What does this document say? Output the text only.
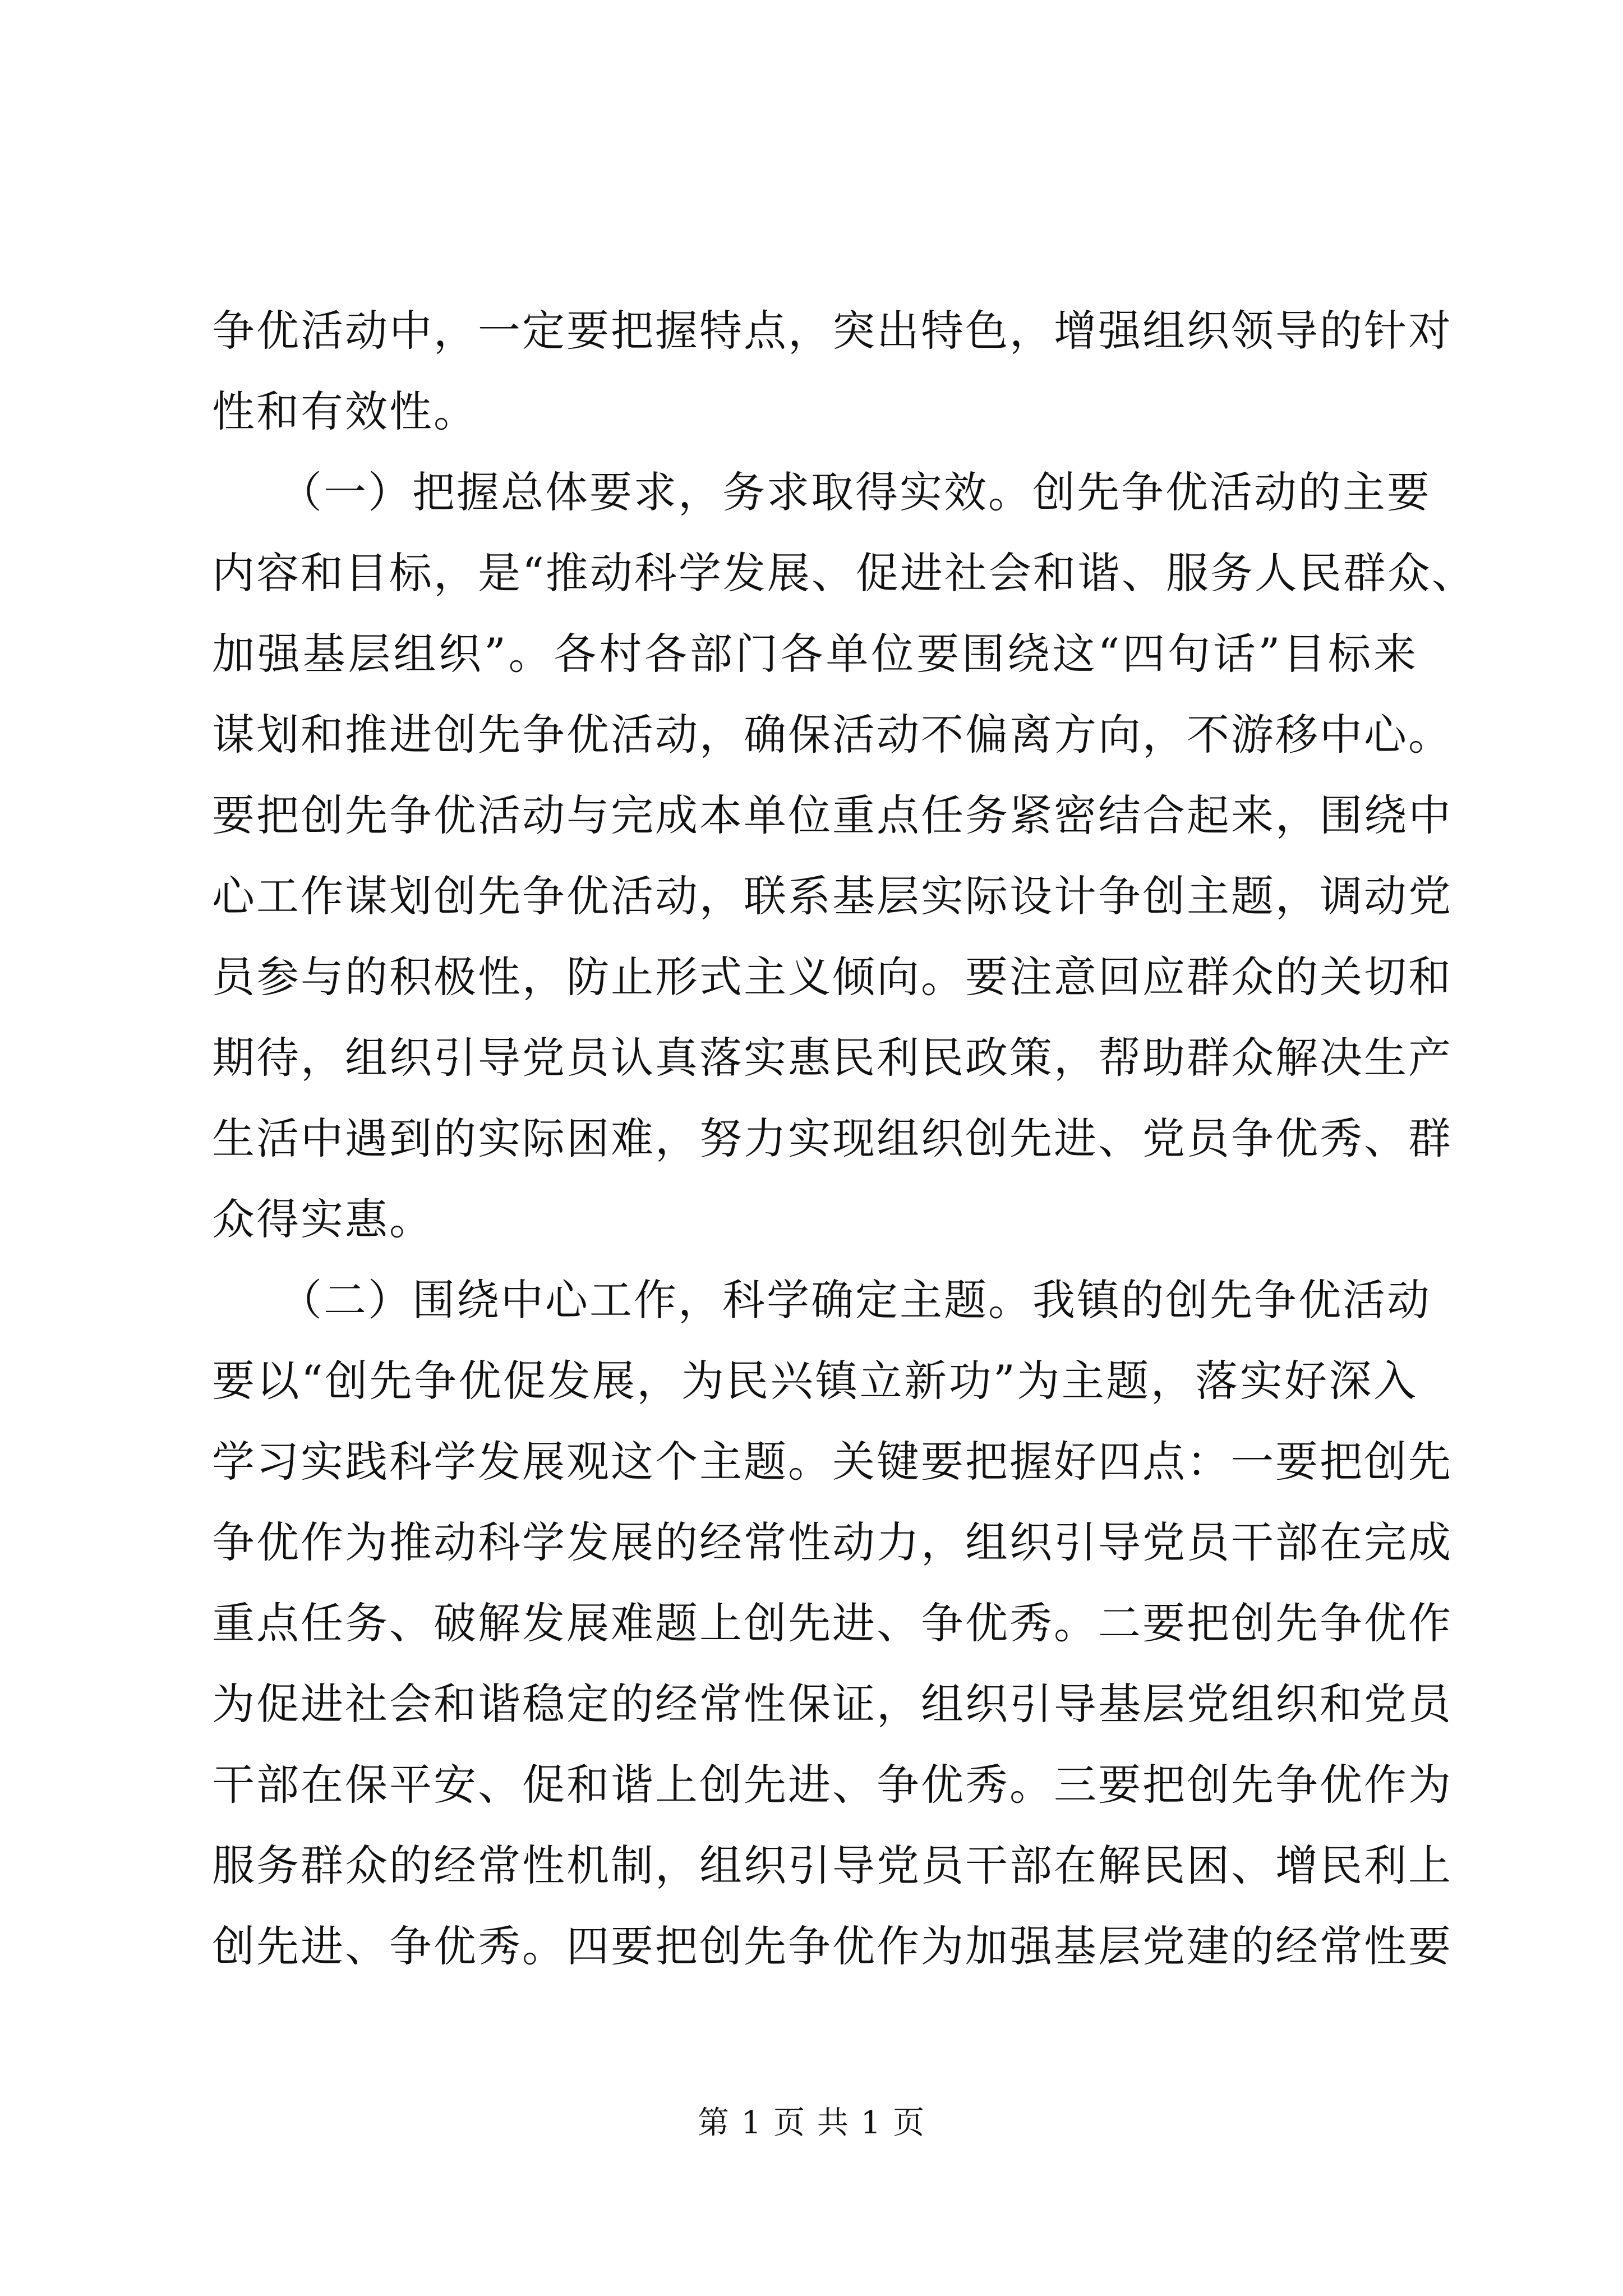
争优活动中，一定要把握特点，突出特色，增强组织领导的针对
性和有效性。
　　（一）把握总体要求，务求取得实效。创先争优活动的主要
内容和目标，是“推动科学发展、促进社会和谐、服务人民群众、
加强基层组织”。各村各部门各单位要围绕这“四句话”目标来
谋划和推进创先争优活动，确保活动不偏离方向，不游移中心。
要把创先争优活动与完成本单位重点任务紧密结合起来，围绕中
心工作谋划创先争优活动，联系基层实际设计争创主题，调动党
员参与的积极性，防止形式主义倾向。要注意回应群众的关切和
期待，组织引导党员认真落实惠民利民政策，帮助群众解决生产
生活中遇到的实际困难，努力实现组织创先进、党员争优秀、群
众得实惠。
　　（二）围绕中心工作，科学确定主题。我镇的创先争优活动
要以“创先争优促发展，为民兴镇立新功”为主题，落实好深入
学习实践科学发展观这个主题。关键要把握好四点：一要把创先
争优作为推动科学发展的经常性动力，组织引导党员干部在完成
重点任务、破解发展难题上创先进、争优秀。二要把创先争优作
为促进社会和谐稳定的经常性保证，组织引导基层党组织和党员
干部在保平安、促和谐上创先进、争优秀。三要把创先争优作为
服务群众的经常性机制，组织引导党员干部在解民困、增民利上
创先进、争优秀。四要把创先争优作为加强基层党建的经常性要
第 1 页 共 1 页
